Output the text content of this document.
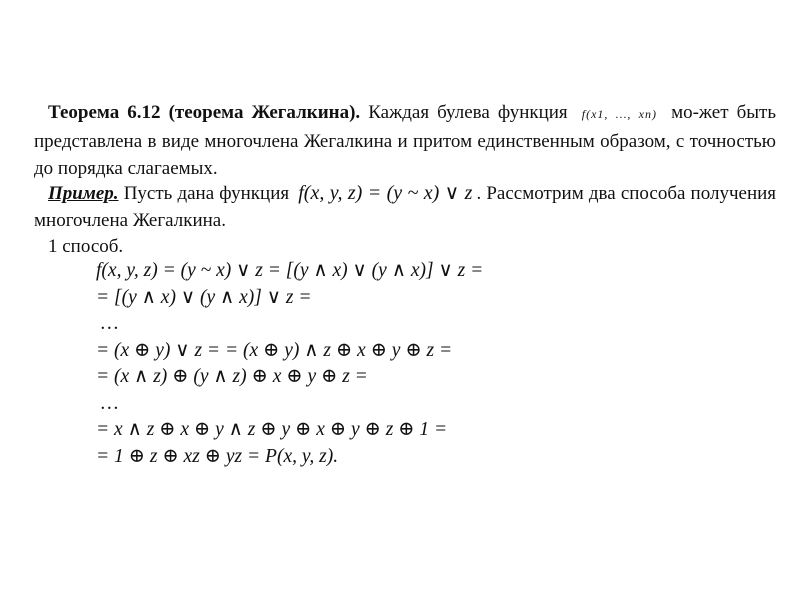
Теорема 6.12 (теорема Жегалкина). Каждая булева функция f(x1, …, xn) мо-жет быть представлена в виде многочлена Жегалкина и притом единственным образом, с точностью до порядка слагаемых.

Пример. Пусть дана функция f(x, y, z) = (y ~ x) ∨ z . Рассмотрим два способа получения многочлена Жегалкина.

1 способ.

f(x, y, z) = (y ~ x) ∨ z = [(y ∧ x) ∨ (y ∧ x)] ∨ z =
= [(y ∧ x) ∨ (y ∧ x)] ∨ z =
…
= (x ⊕ y) ∨ z = = (x ⊕ y) ∧ z ⊕ x ⊕ y ⊕ z =
= (x ∧ z) ⊕ (y ∧ z) ⊕ x ⊕ y ⊕ z =
…
= x ∧ z ⊕ x ⊕ y ∧ z ⊕ y ⊕ x ⊕ y ⊕ z ⊕ 1 =
= 1 ⊕ z ⊕ xz ⊕ yz = P(x, y, z).
